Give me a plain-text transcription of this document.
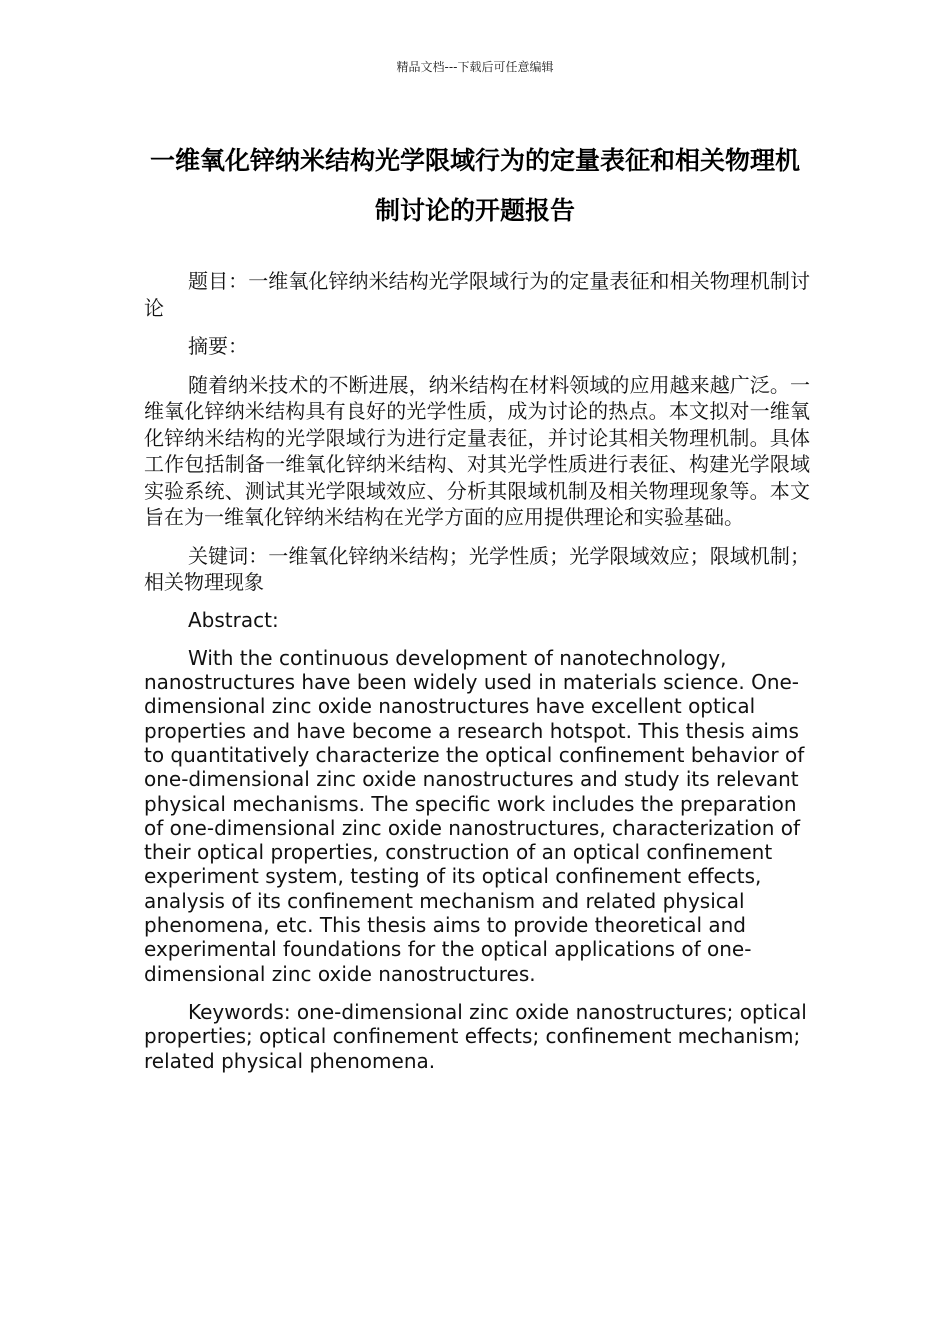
精品文档---下载后可任意编辑
一维氧化锌纳米结构光学限域行为的定量表征和相关物理机制讨论的开题报告

题目：一维氧化锌纳米结构光学限域行为的定量表征和相关物理机制讨论

摘要：

随着纳米技术的不断进展，纳米结构在材料领域的应用越来越广泛。一维氧化锌纳米结构具有良好的光学性质，成为讨论的热点。本文拟对一维氧化锌纳米结构的光学限域行为进行定量表征，并讨论其相关物理机制。具体工作包括制备一维氧化锌纳米结构、对其光学性质进行表征、构建光学限域实验系统、测试其光学限域效应、分析其限域机制及相关物理现象等。本文旨在为一维氧化锌纳米结构在光学方面的应用提供理论和实验基础。

关键词：一维氧化锌纳米结构；光学性质；光学限域效应；限域机制；相关物理现象

Abstract:

With the continuous development of nanotechnology, nanostructures have been widely used in materials science. One-dimensional zinc oxide nanostructures have excellent optical properties and have become a research hotspot. This thesis aims to quantitatively characterize the optical confinement behavior of one-dimensional zinc oxide nanostructures and study its relevant physical mechanisms. The specific work includes the preparation of one-dimensional zinc oxide nanostructures, characterization of their optical properties, construction of an optical confinement experiment system, testing of its optical confinement effects, analysis of its confinement mechanism and related physical phenomena, etc. This thesis aims to provide theoretical and experimental foundations for the optical applications of one-dimensional zinc oxide nanostructures.

Keywords: one-dimensional zinc oxide nanostructures; optical properties; optical confinement effects; confinement mechanism; related physical phenomena.
